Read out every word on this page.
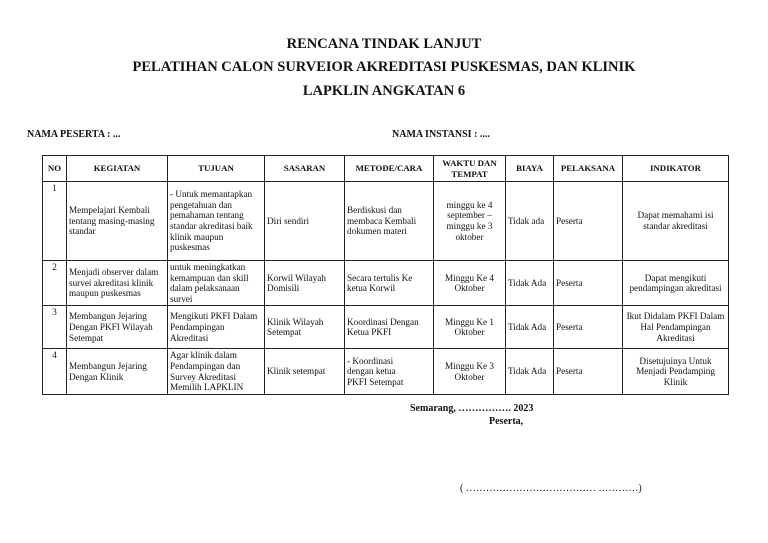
RENCANA TINDAK LANJUT
PELATIHAN CALON SURVEIOR AKREDITASI PUSKESMAS, DAN KLINIK
LAPKLIN ANGKATAN 6
NAMA PESERTA : ...	NAMA INSTANSI : ....
NO	KEGIATAN	TUJUAN	SASARAN	METODE/CARA	WAKTU DAN TEMPAT	BIAYA	PELAKSANA	INDIKATOR
1	Mempelajari Kembali tentang masing-masing standar	- Untuk memantapkan pengetahuan dan pemahaman tentang standar akreditasi baik klinik maupun puskesmas	Diri sendiri	Berdiskusi dan membaca Kembali dokumen materi	minggu ke 4 september – minggu ke 3 oktober	Tidak ada	Peserta	Dapat memahami isi standar akreditasi
2	Menjadi observer dalam survei akreditasi klinik maupun puskesmas	untuk meningkatkan kemampuan dan skill dalam pelaksanaan survei	Korwil Wilayah Domisili	Secara tertulis Ke ketua Korwil	Minggu Ke 4 Oktober	Tidak Ada	Peserta	Dapat mengikuti pendampingan akreditasi
3	Membangun Jejaring Dengan PKFI Wilayah Setempat	Mengikuti PKFI Dalam Pendampingan Akreditasi	Klinik Wilayah Setempat	Koordinasi Dengan Ketua PKFI	Minggu Ke 1 Oktober	Tidak Ada	Peserta	Ikut Didalam PKFI Dalam Hal Pendampingan Akreditasi
4	Membangun Jejaring Dengan Klinik	Agar klinik dalam Pendampingan dan Survey Akreditasi Memilih LAPKLIN	Klinik setempat	- Koordinasi
dengan ketua
PKFI Setempat	Minggu Ke 3 Oktober	Tidak Ada	Peserta	Disetujuinya Untuk Menjadi Pendamping Klinik
Semarang, ……………. 2023
Peserta,
( ………………………………… …………)
